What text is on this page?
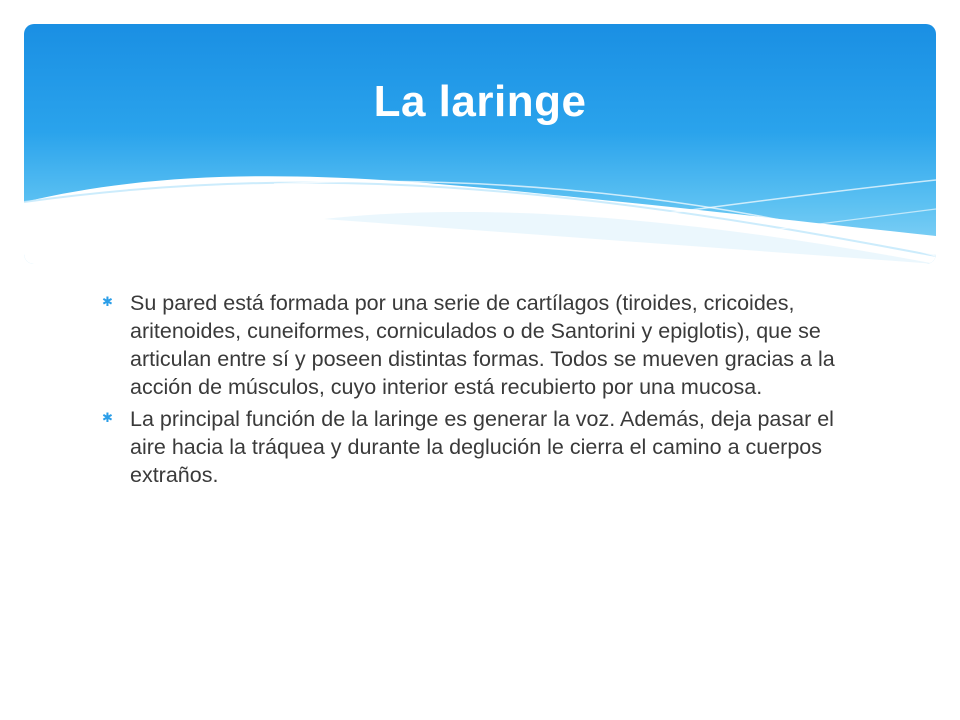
La laringe
✱ Su pared está formada por una serie de cartílagos (tiroides, cricoides, aritenoides, cuneiformes, corniculados o de Santorini y epiglotis), que se articulan entre sí y poseen distintas formas. Todos se mueven gracias a la acción de músculos, cuyo interior está recubierto por una mucosa.
✱ La principal función de la laringe es generar la voz. Además, deja pasar el aire hacia la tráquea y durante la deglución le cierra el camino a cuerpos extraños.
